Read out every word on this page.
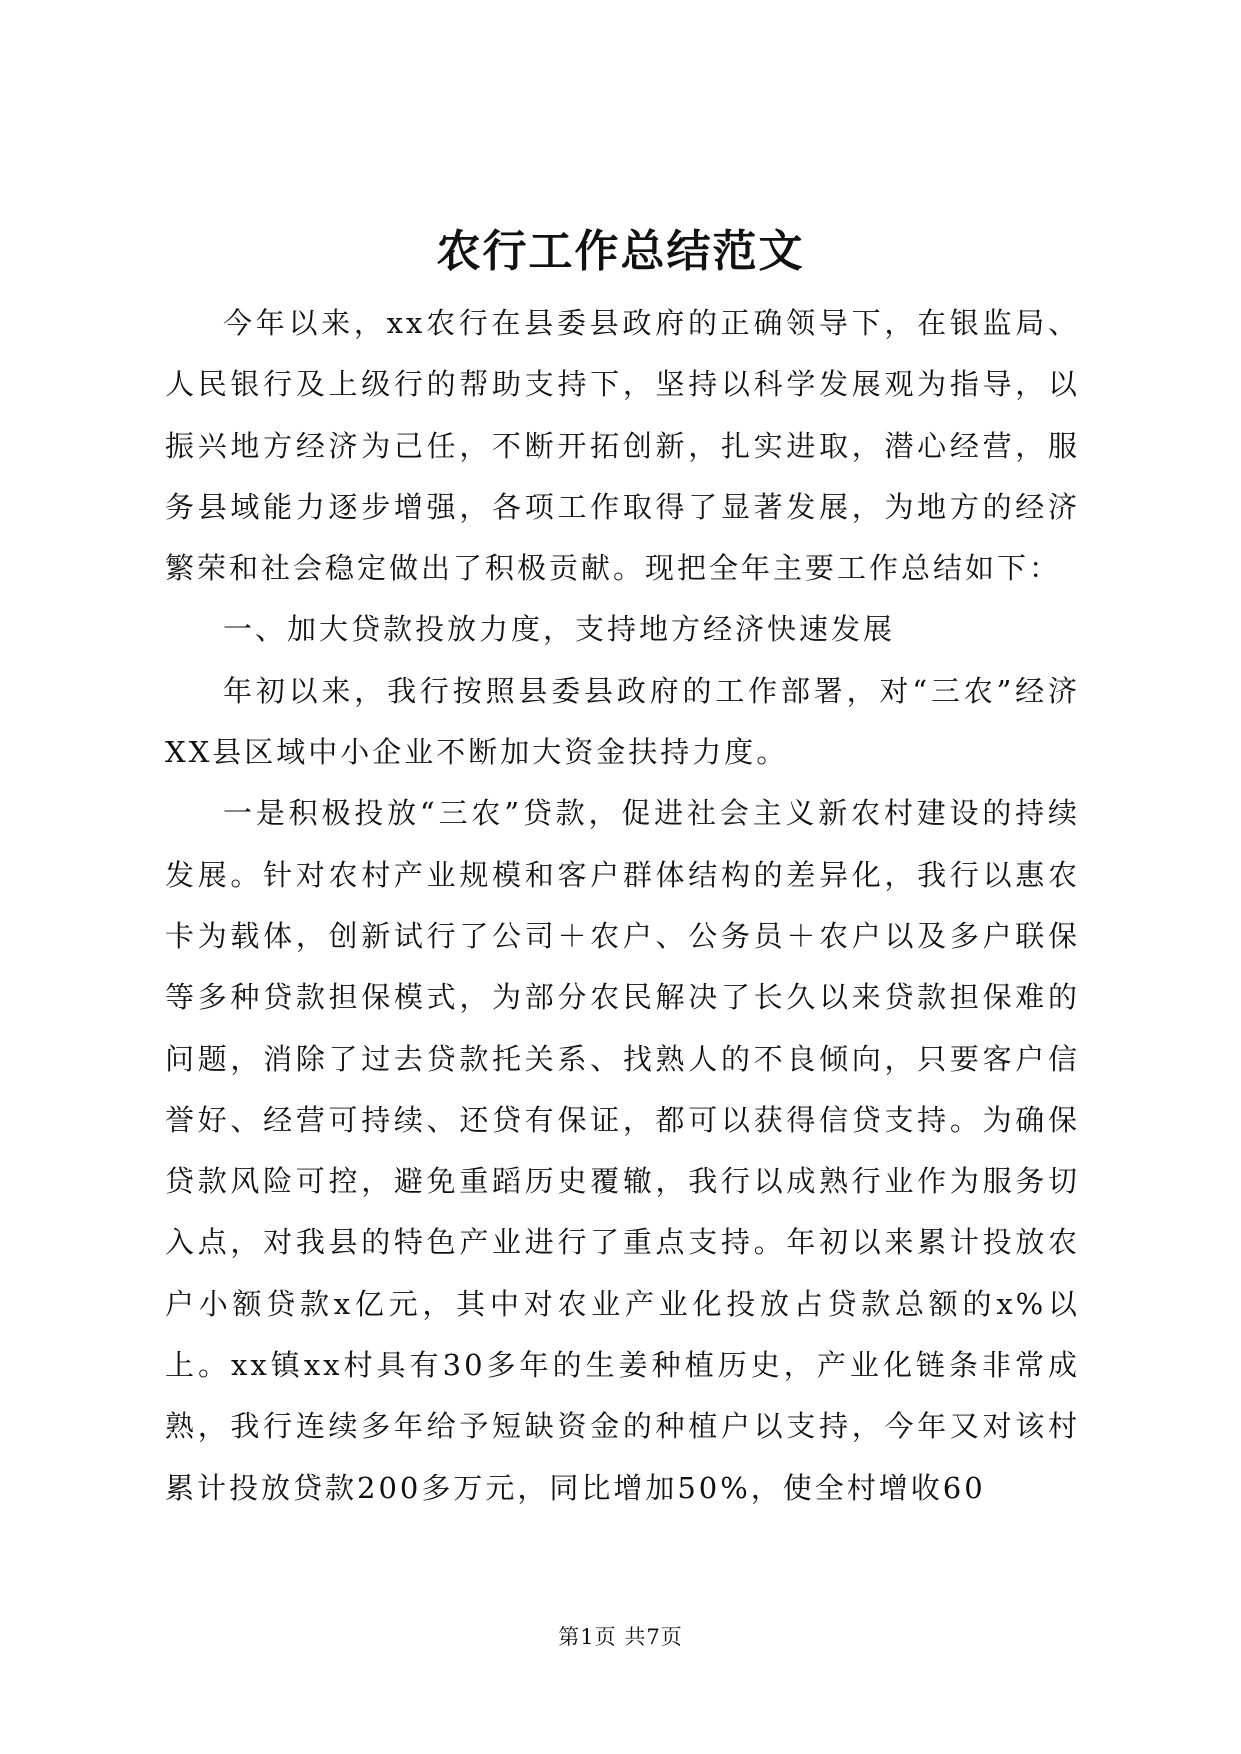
农行工作总结范文

今年以来，xx农行在县委县政府的正确领导下，在银监局、人民银行及上级行的帮助支持下，坚持以科学发展观为指导，以振兴地方经济为己任，不断开拓创新，扎实进取，潜心经营，服务县域能力逐步增强，各项工作取得了显著发展，为地方的经济繁荣和社会稳定做出了积极贡献。现把全年主要工作总结如下：

一、加大贷款投放力度，支持地方经济快速发展

年初以来，我行按照县委县政府的工作部署，对“三农”经济XX县区域中小企业不断加大资金扶持力度。

一是积极投放“三农”贷款，促进社会主义新农村建设的持续发展。针对农村产业规模和客户群体结构的差异化，我行以惠农卡为载体，创新试行了公司＋农户、公务员＋农户以及多户联保等多种贷款担保模式，为部分农民解决了长久以来贷款担保难的问题，消除了过去贷款托关系、找熟人的不良倾向，只要客户信誉好、经营可持续、还贷有保证，都可以获得信贷支持。为确保贷款风险可控，避免重蹈历史覆辙，我行以成熟行业作为服务切入点，对我县的特色产业进行了重点支持。年初以来累计投放农户小额贷款x亿元，其中对农业产业化投放占贷款总额的x%以上。xx镇xx村具有30多年的生姜种植历史，产业化链条非常成熟，我行连续多年给予短缺资金的种植户以支持，今年又对该村累计投放贷款200多万元，同比增加50%，使全村增收60

第1页 共7页
